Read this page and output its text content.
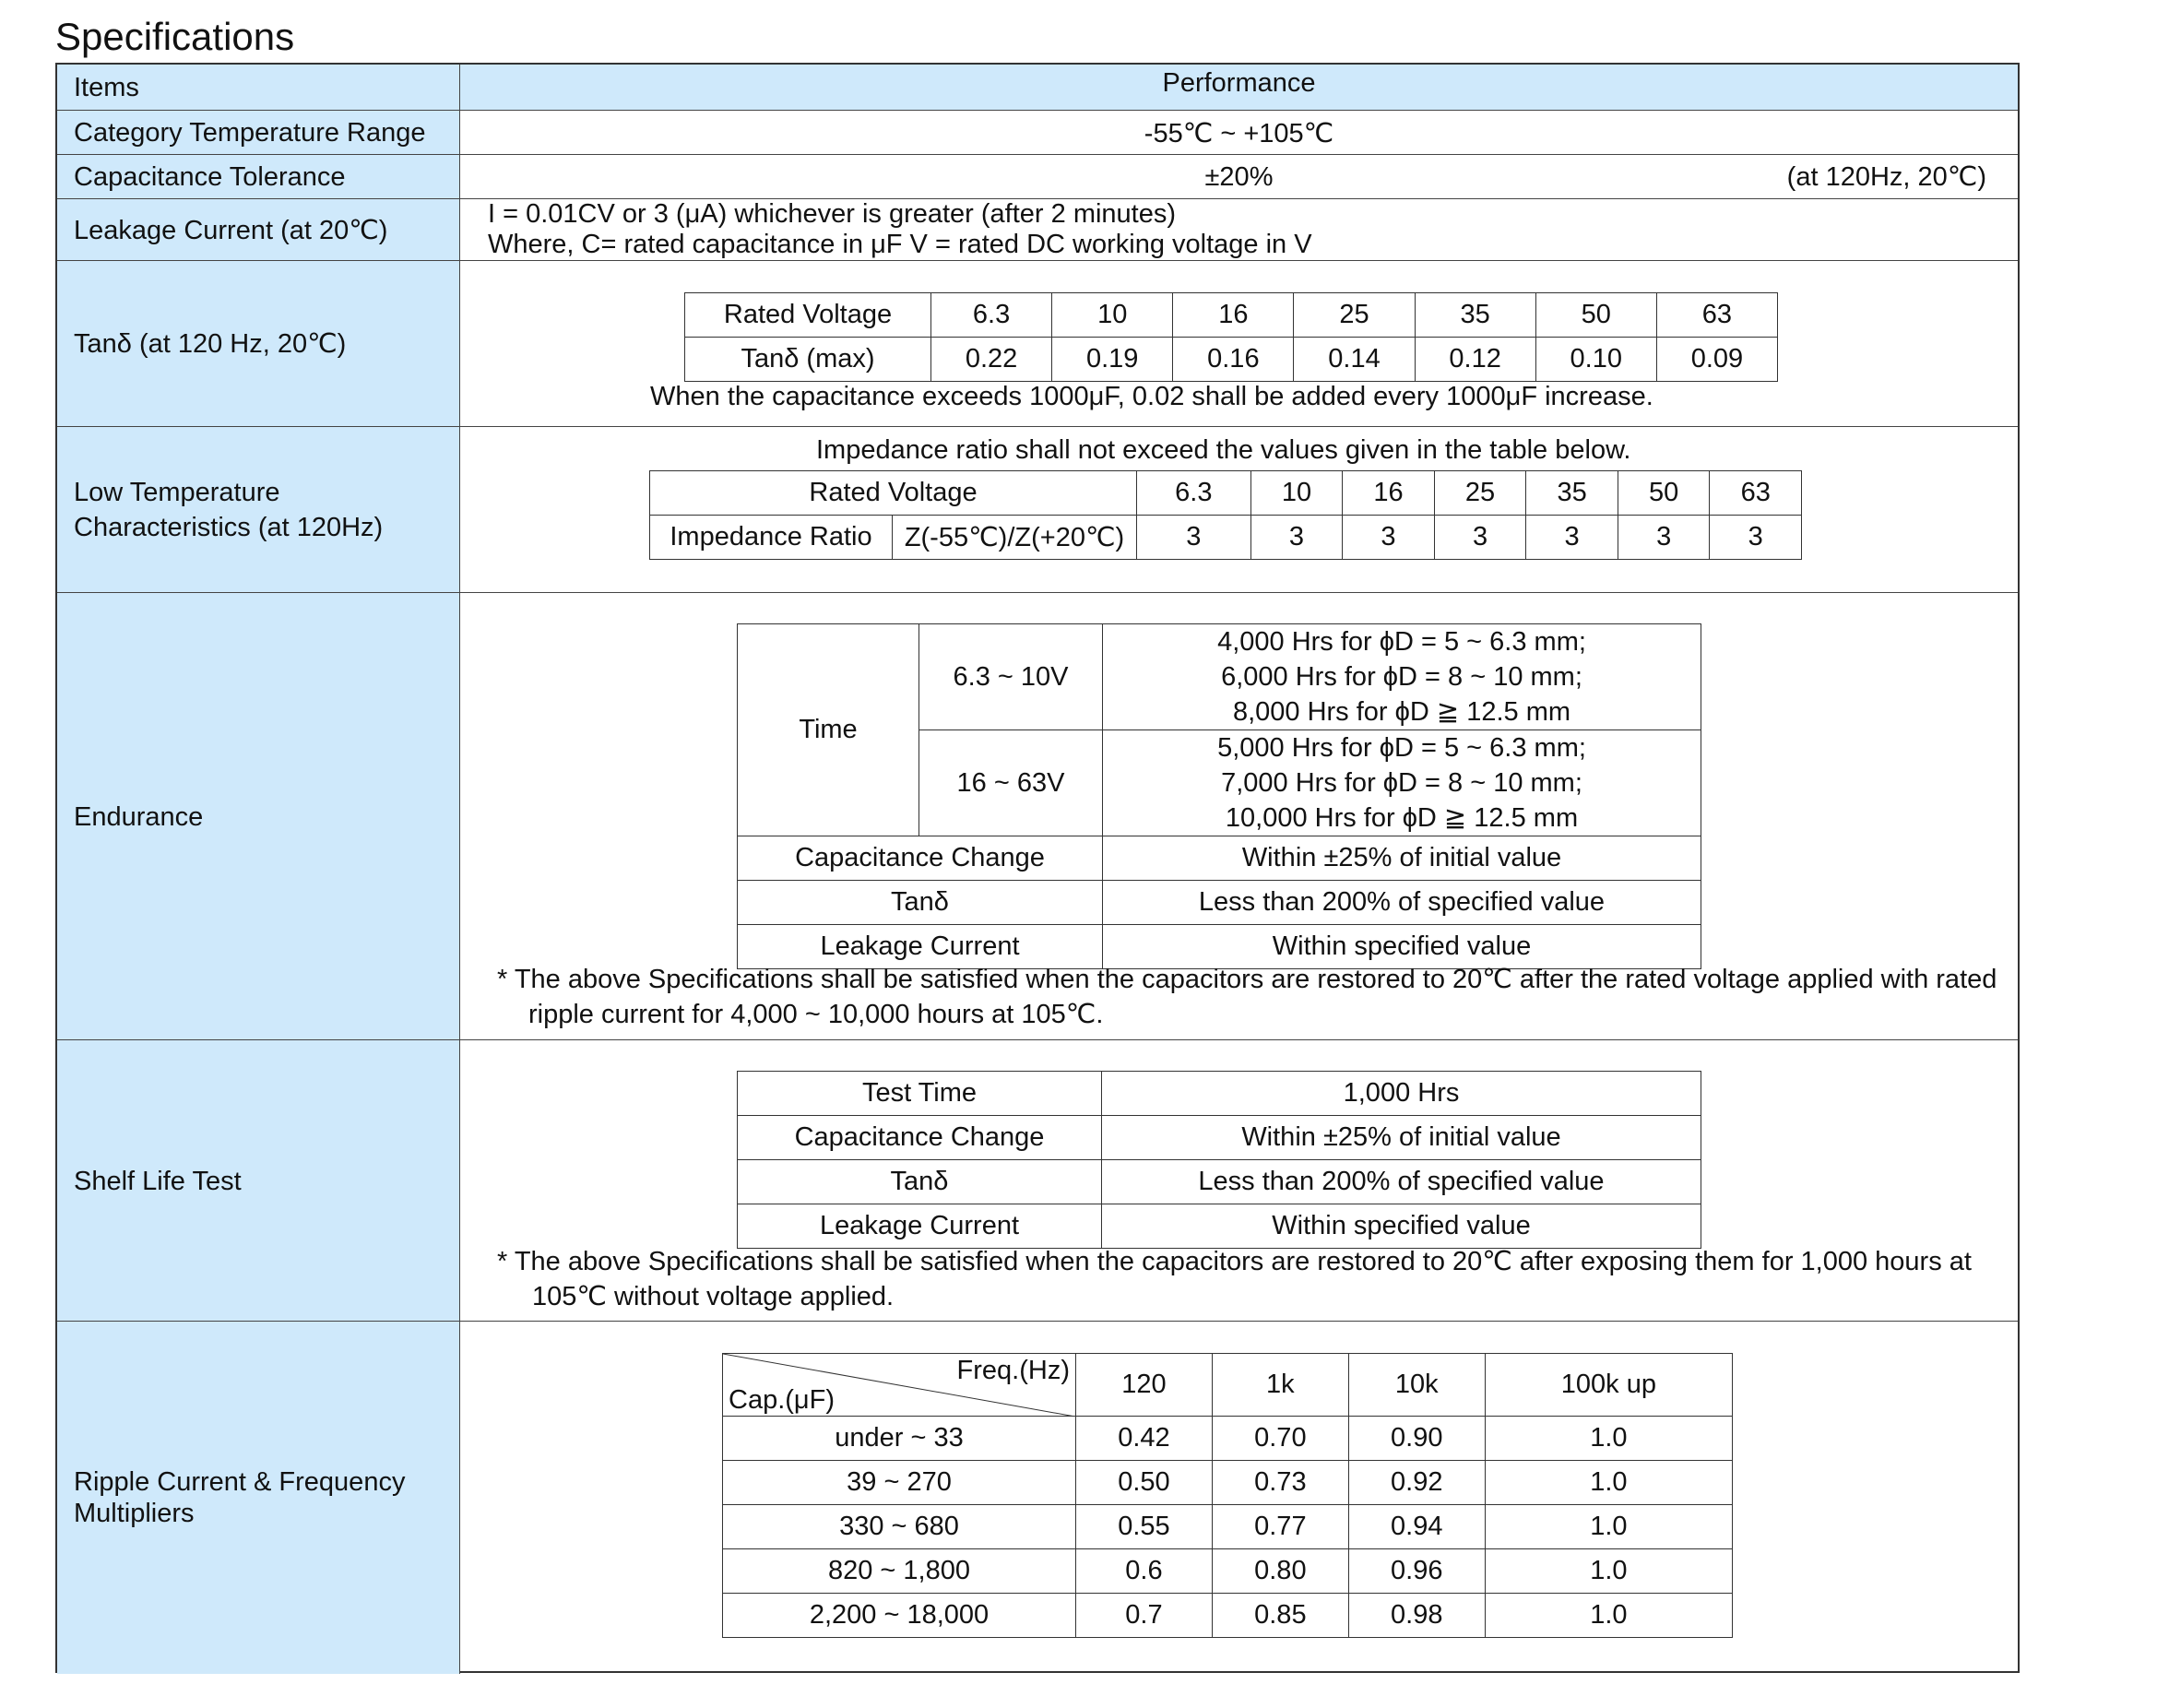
Specifications
Items	Performance
Category Temperature Range	-55℃ ~ +105℃
Capacitance Tolerance	±20%	(at 120Hz, 20℃)
Leakage Current (at 20℃)
I = 0.01CV or 3 (μA) whichever is greater (after 2 minutes)
Where, C= rated capacitance in μF V = rated DC working voltage in V
Tanδ (at 120 Hz, 20℃)
Rated Voltage	6.3	10	16	25	35	50	63
Tanδ (max)	0.22	0.19	0.16	0.14	0.12	0.10	0.09
When the capacitance exceeds 1000μF, 0.02 shall be added every 1000μF increase.
Low Temperature
Characteristics (at 120Hz)
Impedance ratio shall not exceed the values given in the table below.
Rated Voltage		6.3	10	16	25	35	50	63
Impedance Ratio	Z(-55℃)/Z(+20℃)	3	3	3	3	3	3	3
Endurance
Time	6.3 ~ 10V	4,000 Hrs for ϕD = 5 ~ 6.3 mm;
6,000 Hrs for ϕD = 8 ~ 10 mm;
8,000 Hrs for ϕD ≧ 12.5 mm

	16 ~ 63V	5,000 Hrs for ϕD = 5 ~ 6.3 mm;
7,000 Hrs for ϕD = 8 ~ 10 mm;
10,000 Hrs for ϕD ≧ 12.5 mm

Capacitance Change		Within ±25% of initial value
Tanδ		Less than 200% of specified value
Leakage Current		Within specified value
* The above Specifications shall be satisfied when the capacitors are restored to 20℃ after the rated voltage applied with rated
ripple current for 4,000 ~ 10,000 hours at 105℃.
Shelf Life Test
Test Time	1,000 Hrs
Capacitance Change	Within ±25% of initial value
Tanδ	Less than 200% of specified value
Leakage Current	Within specified value
* The above Specifications shall be satisfied when the capacitors are restored to 20℃ after exposing them for 1,000 hours at
105℃ without voltage applied.
Ripple Current & Frequency
Multipliers
Freq.(Hz)
Cap.(μF)	120	1k	10k	100k up
under ~ 33	0.42	0.70	0.90	1.0
39 ~ 270	0.50	0.73	0.92	1.0
330 ~ 680	0.55	0.77	0.94	1.0
820 ~ 1,800	0.6	0.80	0.96	1.0
2,200 ~ 18,000	0.7	0.85	0.98	1.0
